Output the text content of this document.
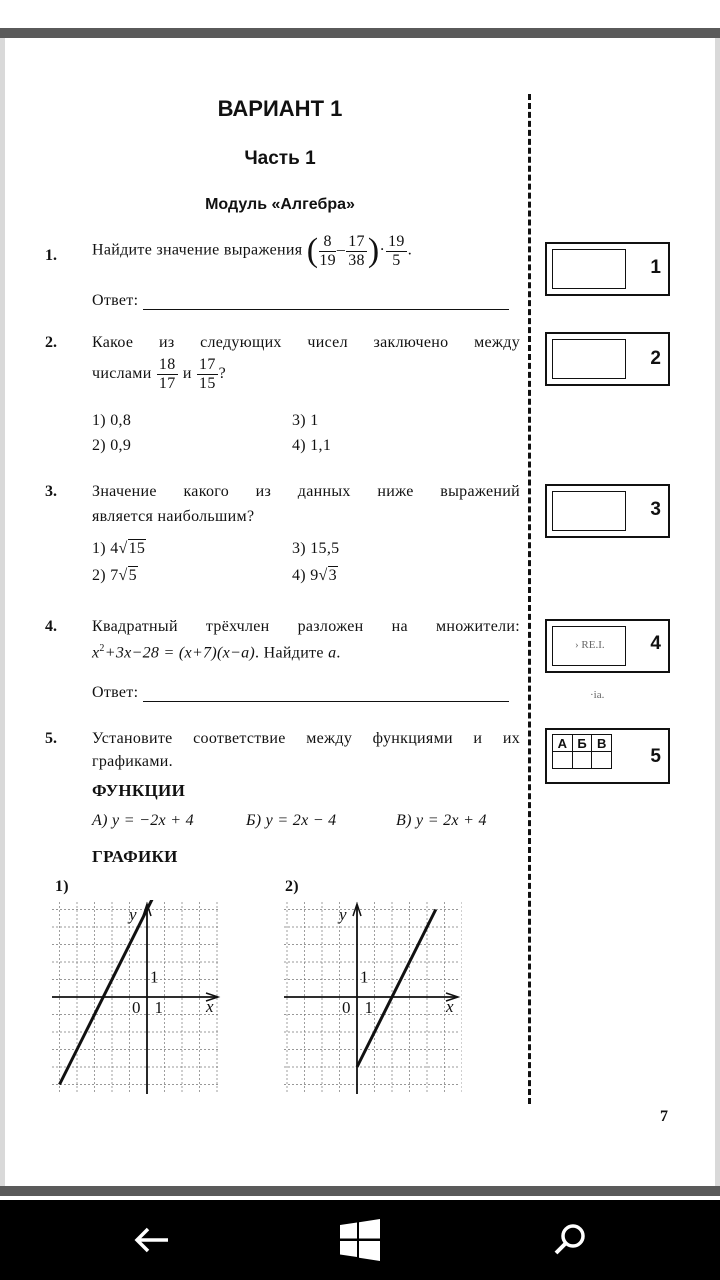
ВАРИАНТ 1
Часть 1
Модуль «Алгебра»
1. Найдите значение выражения ( $\frac{8}{19} - \frac{17}{38}$ )· $\frac{19}{5}$ .
Ответ:
2. Какое из следующих чисел заключено между
числами $\frac{18}{17}$ и $\frac{17}{15}$ ?
1) 0,8	3) 1
2) 0,9	4) 1,1
3. Значение какого из данных ниже выражений
является наибольшим?
1) 4√15	3) 15,5
2) 7√5	4) 9√3
4. Квадратный трёхчлен разложен на множители:
$x^2+3x-28 = (x+7)(x-a)$. Найдите a.
Ответ:
5. Установите соответствие между функциями и их
графиками.
ФУНКЦИИ
А) y = −2x + 4	Б) y = 2x − 4	В) y = 2x + 4
ГРАФИКИ
1)	2)
x
y
0 1
1
x
y
0 1
1
1
2
3
› RE.I. 4
·ia.
А	Б	В

5
7
